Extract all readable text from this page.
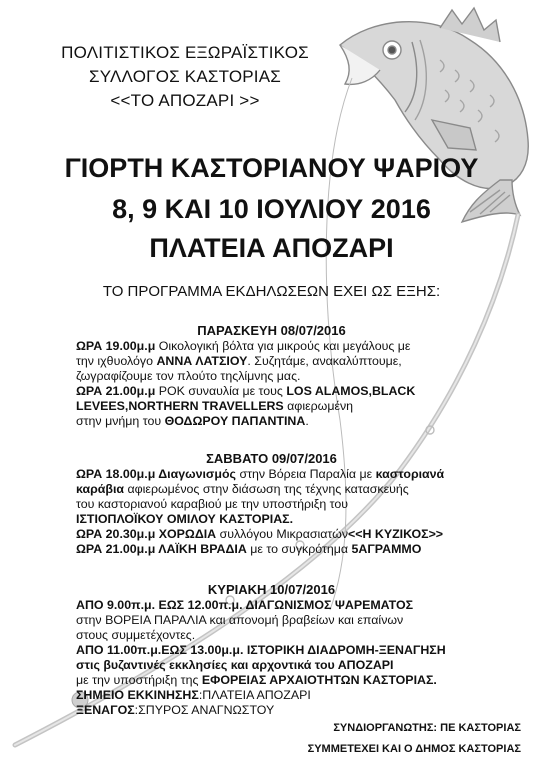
ΠΟΛΙΤΙΣΤΙΚΟΣ ΕΞΩΡΑΪΣΤΙΚΟΣ
ΣΥΛΛΟΓΟΣ ΚΑΣΤΟΡΙΑΣ
<<ΤΟ ΑΠΟΖΑΡΙ >>
ΓΙΟΡΤΗ ΚΑΣΤΟΡΙΑΝΟΥ ΨΑΡΙΟΥ
8, 9 ΚΑΙ 10 ΙΟΥΛΙΟΥ 2016
ΠΛΑΤΕΙΑ ΑΠΟΖΑΡΙ
ΤΟ ΠΡΟΓΡΑΜΜΑ ΕΚΔΗΛΩΣΕΩΝ ΕΧΕΙ ΩΣ ΕΞΗΣ:
ΠΑΡΑΣΚΕΥΗ 08/07/2016
ΩΡΑ 19.00μ.μ Οικολογική βόλτα για μικρούς και μεγάλους με
την ιχθυολόγο ΑΝΝΑ ΛΑΤΣΙΟΥ. Συζητάμε, ανακαλύπτουμε,
ζωγραφίζουμε τον πλούτο τηςλίμνης μας.
ΩΡΑ 21.00μ.μ ΡΟΚ συναυλία με τους LOS ALAMOS,BLACK
LEVEES,NORTHERN TRAVELLERS αφιερωμένη
στην μνήμη του ΘΟΔΩΡΟΥ ΠΑΠΑΝΤΙΝΑ.
ΣΑΒΒΑΤΟ 09/07/2016
ΩΡΑ 18.00μ.μ Διαγωνισμός στην Βόρεια Παραλία με καστοριανά
καράβια αφιερωμένος στην διάσωση της τέχνης κατασκευής
του καστοριανού καραβιού με την υποστήριξη του
ΙΣΤΙΟΠΛΟΪΚΟΥ ΟΜΙΛΟΥ ΚΑΣΤΟΡΙΑΣ.
ΩΡΑ 20.30μ.μ ΧΟΡΩΔΙΑ συλλόγου Μικρασιατών<<Η ΚΥΖΙΚΟΣ>>
ΩΡΑ 21.00μ.μ ΛΑΪΚΗ ΒΡΑΔΙΑ με το συγκρότημα 5ΑΓΡΑΜΜΟ
ΚΥΡΙΑΚΗ 10/07/2016
ΑΠΟ 9.00π.μ. ΕΩΣ 12.00π.μ. ΔΙΑΓΩΝΙΣΜΟΣ ΨΑΡΕΜΑΤΟΣ
στην ΒΟΡΕΙΑ ΠΑΡΑΛΙΑ και απονομή βραβείων και επαίνων
στους συμμετέχοντες.
ΑΠΟ 11.00π.μ.ΕΩΣ 13.00μ.μ. ΙΣΤΟΡΙΚΗ ΔΙΑΔΡΟΜΗ-ΞΕΝΑΓΗΣΗ
στις βυζαντινές εκκλησίες και αρχοντικά του ΑΠΟΖΑΡΙ
με την υποστήριξη της ΕΦΟΡΕΙΑΣ ΑΡΧΑΙΟΤΗΤΩΝ ΚΑΣΤΟΡΙΑΣ.
ΣΗΜΕΙΟ ΕΚΚΙΝΗΣΗΣ:ΠΛΑΤΕΙΑ ΑΠΟΖΑΡΙ
ΞΕΝΑΓΟΣ:ΣΠΥΡΟΣ ΑΝΑΓΝΩΣΤΟΥ
ΣΥΝΔΙΟΡΓΑΝΩΤΗΣ: ΠΕ ΚΑΣΤΟΡΙΑΣ
ΣΥΜΜΕΤΕΧΕΙ ΚΑΙ Ο ΔΗΜΟΣ ΚΑΣΤΟΡΙΑΣ
